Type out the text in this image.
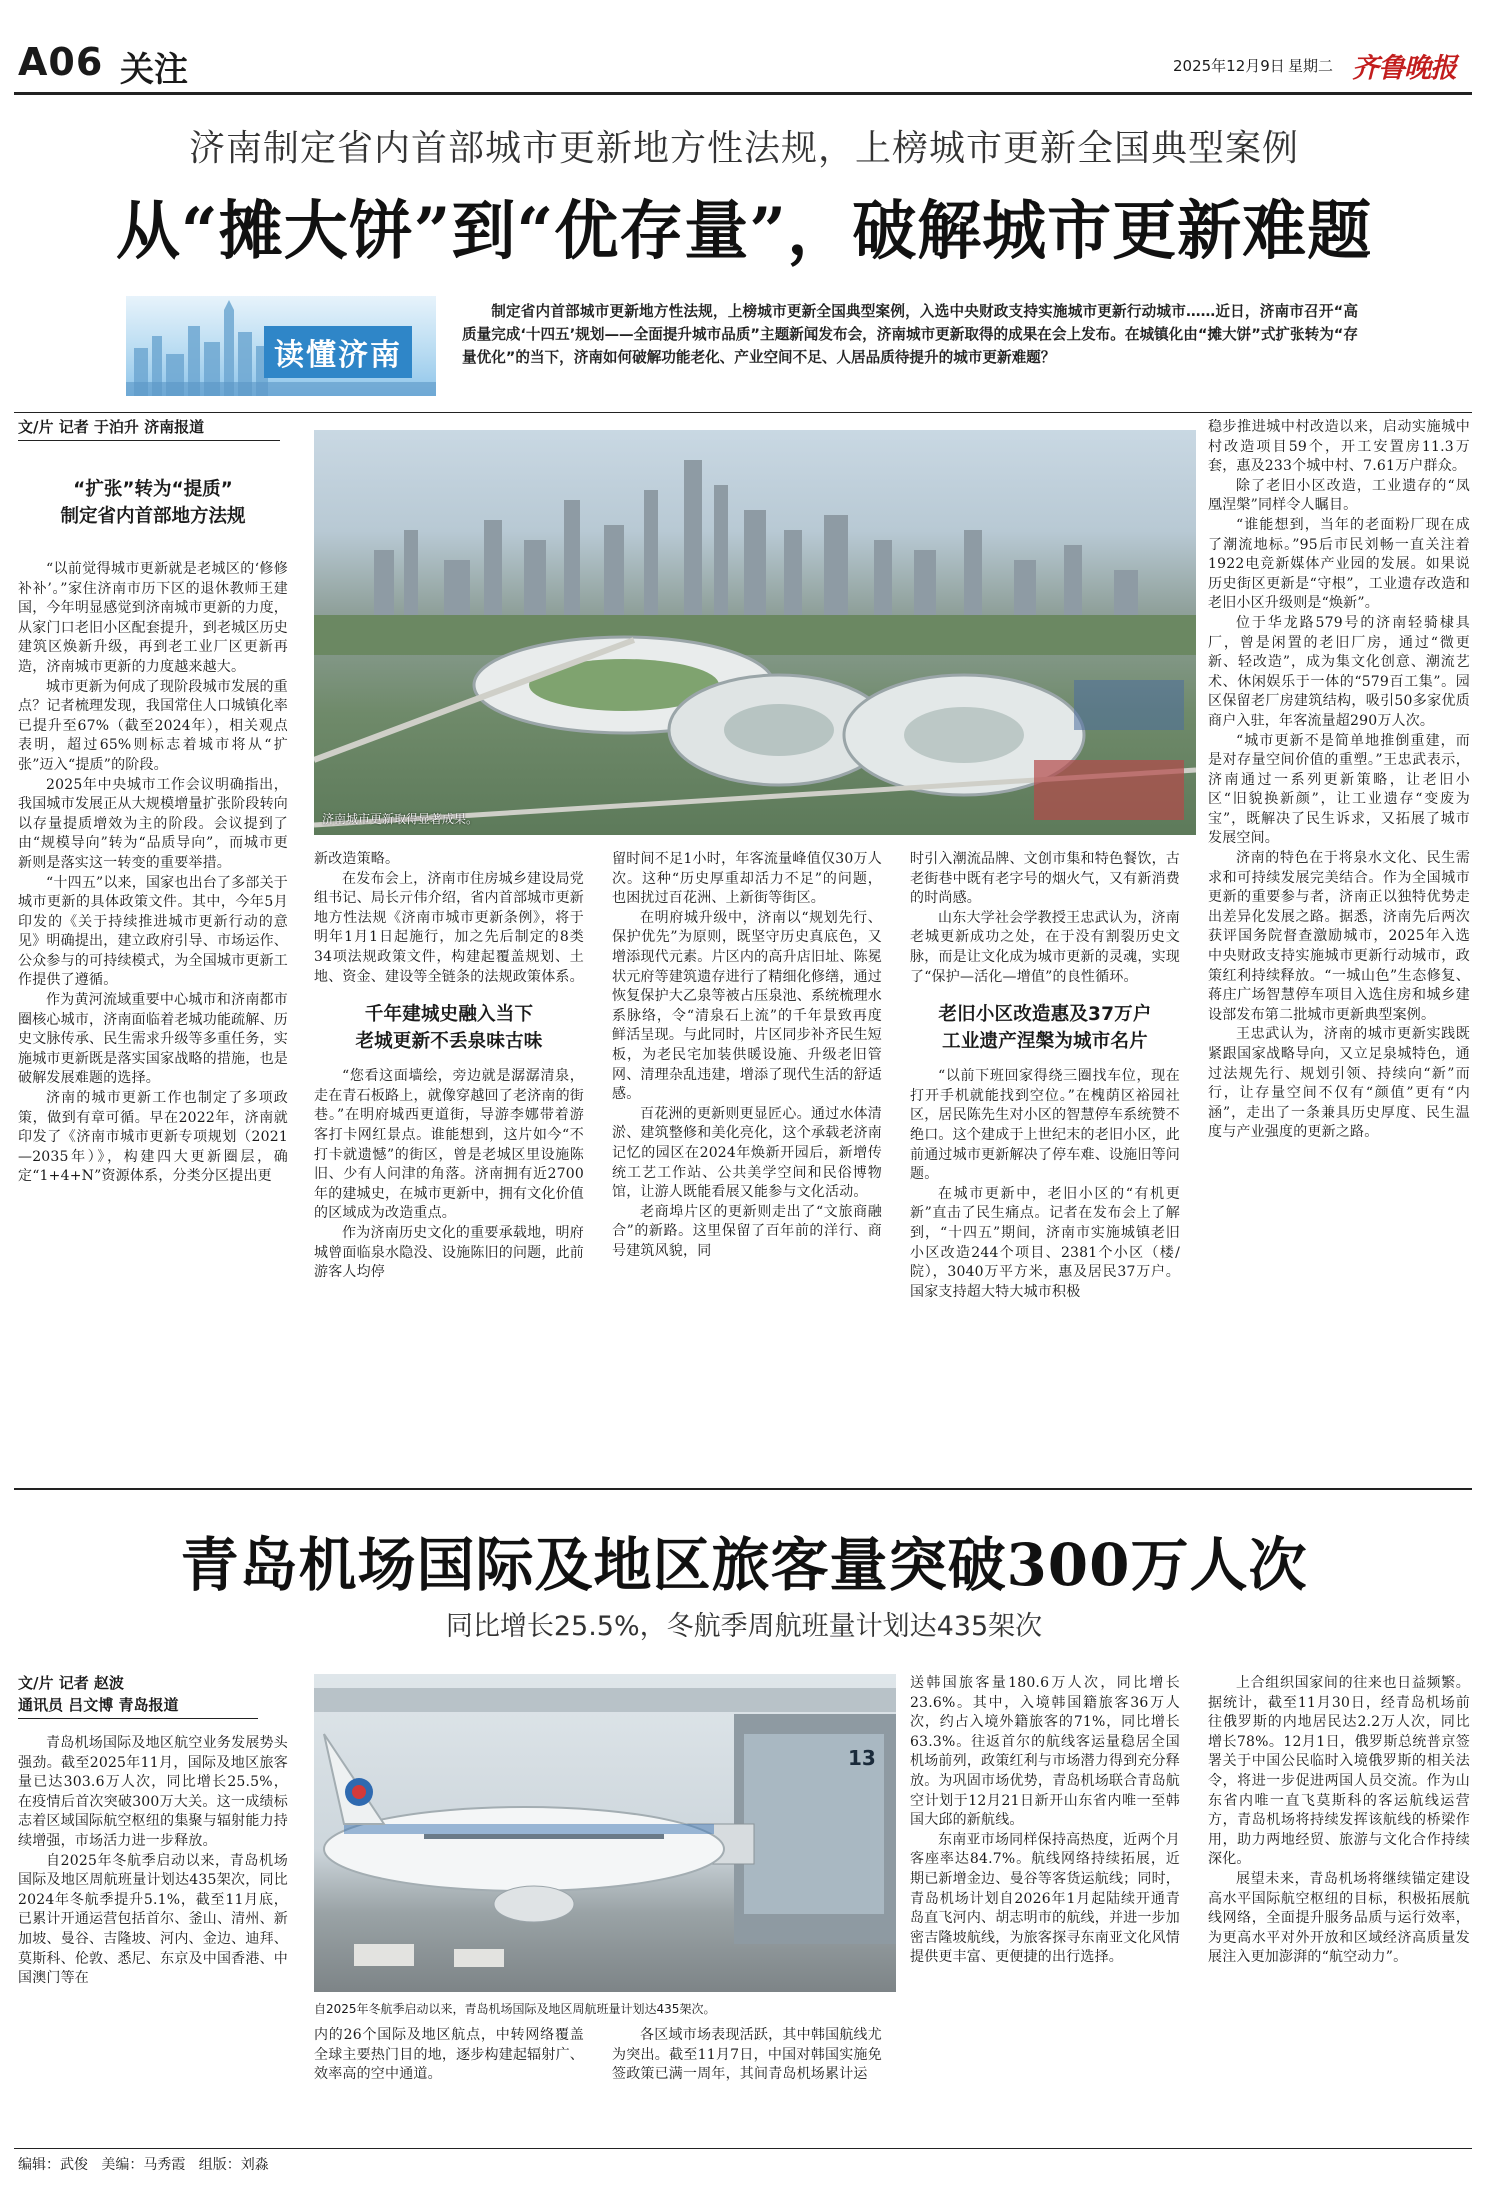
A06 关注	2025年12月9日 星期二 齐鲁晚报
济南制定省内首部城市更新地方性法规，上榜城市更新全国典型案例
从“摊大饼”到“优存量”，破解城市更新难题
读懂济南
制定省内首部城市更新地方性法规，上榜城市更新全国典型案例，入选中央财政支持实施城市更新行动城市……近日，济南市召开“高质量完成‘十四五’规划——全面提升城市品质”主题新闻发布会，济南城市更新取得的成果在会上发布。在城镇化由“摊大饼”式扩张转为“存量优化”的当下，济南如何破解功能老化、产业空间不足、人居品质待提升的城市更新难题？
文/片 记者 于泊升 济南报道
济南城市更新取得显著成果。
“扩张”转为“提质”
制定省内首部地方法规

“以前觉得城市更新就是老城区的‘修修补补’。”家住济南市历下区的退休教师王建国，今年明显感觉到济南城市更新的力度，从家门口老旧小区配套提升，到老城区历史建筑区焕新升级，再到老工业厂区更新再造，济南城市更新的力度越来越大。

城市更新为何成了现阶段城市发展的重点？记者梳理发现，我国常住人口城镇化率已提升至67%（截至2024年），相关观点表明，超过65%则标志着城市将从“扩张”迈入“提质”的阶段。

2025年中央城市工作会议明确指出，我国城市发展正从大规模增量扩张阶段转向以存量提质增效为主的阶段。会议提到了由“规模导向”转为“品质导向”，而城市更新则是落实这一转变的重要举措。

“十四五”以来，国家也出台了多部关于城市更新的具体政策文件。其中，今年5月印发的《关于持续推进城市更新行动的意见》明确提出，建立政府引导、市场运作、公众参与的可持续模式，为全国城市更新工作提供了遵循。

作为黄河流域重要中心城市和济南都市圈核心城市，济南面临着老城功能疏解、历史文脉传承、民生需求升级等多重任务，实施城市更新既是落实国家战略的措施，也是破解发展难题的选择。

济南的城市更新工作也制定了多项政策，做到有章可循。早在2022年，济南就印发了《济南市城市更新专项规划（2021—2035年）》，构建四大更新圈层，确定“1+4+N”资源体系，分类分区提出更

新改造策略。

在发布会上，济南市住房城乡建设局党组书记、局长亓伟介绍，省内首部城市更新地方性法规《济南市城市更新条例》，将于明年1月1日起施行，加之先后制定的8类34项法规政策文件，构建起覆盖规划、土地、资金、建设等全链条的法规政策体系。

千年建城史融入当下
老城更新不丢泉味古味

“您看这面墙绘，旁边就是潺潺清泉，走在青石板路上，就像穿越回了老济南的街巷。”在明府城西更道街，导游李娜带着游客打卡网红景点。谁能想到，这片如今“不打卡就遗憾”的街区，曾是老城区里设施陈旧、少有人问津的角落。济南拥有近2700年的建城史，在城市更新中，拥有文化价值的区域成为改造重点。

作为济南历史文化的重要承载地，明府城曾面临泉水隐没、设施陈旧的问题，此前游客人均停

留时间不足1小时，年客流量峰值仅30万人次。这种“历史厚重却活力不足”的问题，也困扰过百花洲、上新街等街区。

在明府城升级中，济南以“规划先行、保护优先”为原则，既坚守历史真底色，又增添现代元素。片区内的高升店旧址、陈冕状元府等建筑遗存进行了精细化修缮，通过恢复保护大乙泉等被占压泉池、系统梳理水系脉络，令“清泉石上流”的千年景致再度鲜活呈现。与此同时，片区同步补齐民生短板，为老民宅加装供暖设施、升级老旧管网、清理杂乱违建，增添了现代生活的舒适感。

百花洲的更新则更显匠心。通过水体清淤、建筑整修和美化亮化，这个承载老济南记忆的园区在2024年焕新开园后，新增传统工艺工作站、公共美学空间和民俗博物馆，让游人既能看展又能参与文化活动。

老商埠片区的更新则走出了“文旅商融合”的新路。这里保留了百年前的洋行、商号建筑风貌，同

时引入潮流品牌、文创市集和特色餐饮，古老街巷中既有老字号的烟火气，又有新消费的时尚感。

山东大学社会学教授王忠武认为，济南老城更新成功之处，在于没有割裂历史文脉，而是让文化成为城市更新的灵魂，实现了“保护—活化—增值”的良性循环。

老旧小区改造惠及37万户
工业遗产涅槃为城市名片

“以前下班回家得绕三圈找车位，现在打开手机就能找到空位。”在槐荫区裕园社区，居民陈先生对小区的智慧停车系统赞不绝口。这个建成于上世纪末的老旧小区，此前通过城市更新解决了停车难、设施旧等问题。

在城市更新中，老旧小区的“有机更新”直击了民生痛点。记者在发布会上了解到，“十四五”期间，济南市实施城镇老旧小区改造244个项目、2381个小区（楼/院），3040万平方米，惠及居民37万户。国家支持超大特大城市积极

稳步推进城中村改造以来，启动实施城中村改造项目59个，开工安置房11.3万套，惠及233个城中村、7.61万户群众。

除了老旧小区改造，工业遗存的“凤凰涅槃”同样令人瞩目。

“谁能想到，当年的老面粉厂现在成了潮流地标。”95后市民刘畅一直关注着1922电竞新媒体产业园的发展。如果说历史街区更新是“守根”，工业遗存改造和老旧小区升级则是“焕新”。

位于华龙路579号的济南轻骑棣具厂，曾是闲置的老旧厂房，通过“微更新、轻改造”，成为集文化创意、潮流艺术、休闲娱乐于一体的“579百工集”。园区保留老厂房建筑结构，吸引50多家优质商户入驻，年客流量超290万人次。

“城市更新不是简单地推倒重建，而是对存量空间价值的重塑。”王忠武表示，济南通过一系列更新策略，让老旧小区“旧貌换新颜”，让工业遗存“变废为宝”，既解决了民生诉求，又拓展了城市发展空间。

济南的特色在于将泉水文化、民生需求和可持续发展完美结合。作为全国城市更新的重要参与者，济南正以独特优势走出差异化发展之路。据悉，济南先后两次获评国务院督查激励城市，2025年入选中央财政支持实施城市更新行动城市，政策红利持续释放。“一城山色”生态修复、蒋庄广场智慧停车项目入选住房和城乡建设部发布第二批城市更新典型案例。

王忠武认为，济南的城市更新实践既紧跟国家战略导向，又立足泉城特色，通过法规先行、规划引领、持续向“新”而行，让存量空间不仅有“颜值”更有“内涵”，走出了一条兼具历史厚度、民生温度与产业强度的更新之路。

青岛机场国际及地区旅客量突破300万人次
同比增长25.5%，冬航季周航班量计划达435架次
文/片 记者 赵波
通讯员 吕文博 青岛报道
13
自2025年冬航季启动以来，青岛机场国际及地区周航班量计划达435架次。

青岛机场国际及地区航空业务发展势头强劲。截至2025年11月，国际及地区旅客量已达303.6万人次，同比增长25.5%，在疫情后首次突破300万大关。这一成绩标志着区域国际航空枢纽的集聚与辐射能力持续增强，市场活力进一步释放。

自2025年冬航季启动以来，青岛机场国际及地区周航班量计划达435架次，同比2024年冬航季提升5.1%，截至11月底，已累计开通运营包括首尔、釜山、清州、新加坡、曼谷、吉隆坡、河内、金边、迪拜、莫斯科、伦敦、悉尼、东京及中国香港、中国澳门等在

内的26个国际及地区航点，中转网络覆盖全球主要热门目的地，逐步构建起辐射广、效率高的空中通道。

各区域市场表现活跃，其中韩国航线尤为突出。截至11月7日，中国对韩国实施免签政策已满一周年，其间青岛机场累计运

送韩国旅客量180.6万人次，同比增长23.6%。其中，入境韩国籍旅客36万人次，约占入境外籍旅客的71%，同比增长63.3%。往返首尔的航线客运量稳居全国机场前列，政策红利与市场潜力得到充分释放。为巩固市场优势，青岛机场联合青岛航空计划于12月21日新开山东省内唯一至韩国大邱的新航线。

东南亚市场同样保持高热度，近两个月客座率达84.7%。航线网络持续拓展，近期已新增金边、曼谷等客货运航线；同时，青岛机场计划自2026年1月起陆续开通青岛直飞河内、胡志明市的航线，并进一步加密吉隆坡航线，为旅客探寻东南亚文化风情提供更丰富、更便捷的出行选择。

上合组织国家间的往来也日益频繁。据统计，截至11月30日，经青岛机场前往俄罗斯的内地居民达2.2万人次，同比增长78%。12月1日，俄罗斯总统普京签署关于中国公民临时入境俄罗斯的相关法令，将进一步促进两国人员交流。作为山东省内唯一直飞莫斯科的客运航线运营方，青岛机场将持续发挥该航线的桥梁作用，助力两地经贸、旅游与文化合作持续深化。

展望未来，青岛机场将继续锚定建设高水平国际航空枢纽的目标，积极拓展航线网络，全面提升服务品质与运行效率，为更高水平对外开放和区域经济高质量发展注入更加澎湃的“航空动力”。

编辑：武俊   美编：马秀霞   组版：刘淼
